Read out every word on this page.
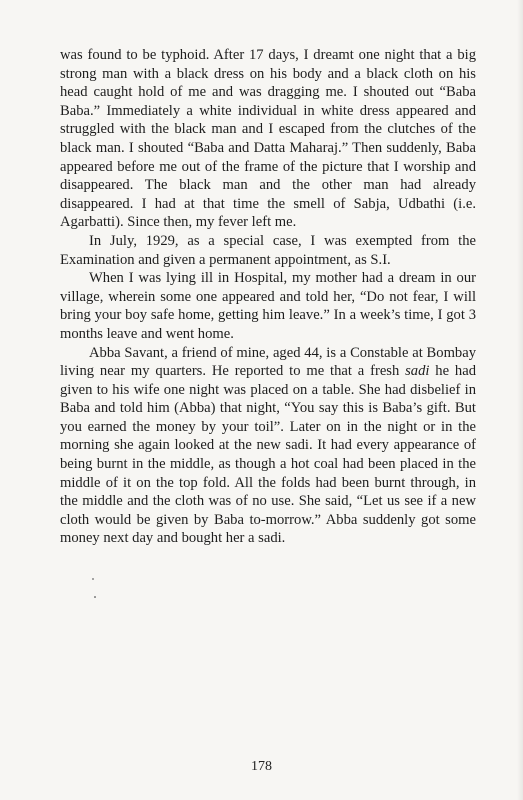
was found to be typhoid. After 17 days, I dreamt one night that a big strong man with a black dress on his body and a black cloth on his head caught hold of me and was dragging me. I shouted out “Baba Baba.” Immediately a white individual in white dress appeared and struggled with the black man and I escaped from the clutches of the black man. I shouted “Baba and Datta Maharaj.” Then suddenly, Baba appeared before me out of the frame of the picture that I worship and disappeared. The black man and the other man had already disappeared. I had at that time the smell of Sabja, Udbathi (i.e. Agarbatti). Since then, my fever left me.

In July, 1929, as a special case, I was exempted from the Examination and given a permanent appointment, as S.I.

When I was lying ill in Hospital, my mother had a dream in our village, wherein some one appeared and told her, “Do not fear, I will bring your boy safe home, getting him leave.” In a week’s time, I got 3 months leave and went home.

Abba Savant, a friend of mine, aged 44, is a Constable at Bombay living near my quarters. He reported to me that a fresh sadi he had given to his wife one night was placed on a table. She had disbelief in Baba and told him (Abba) that night, “You say this is Baba’s gift. But you earned the money by your toil”. Later on in the night or in the morning she again looked at the new sadi. It had every appearance of being burnt in the middle, as though a hot coal had been placed in the middle of it on the top fold. All the folds had been burnt through, in the middle and the cloth was of no use. She said, “Let us see if a new cloth would be given by Baba to-morrow.” Abba suddenly got some money next day and bought her a sadi.

178
